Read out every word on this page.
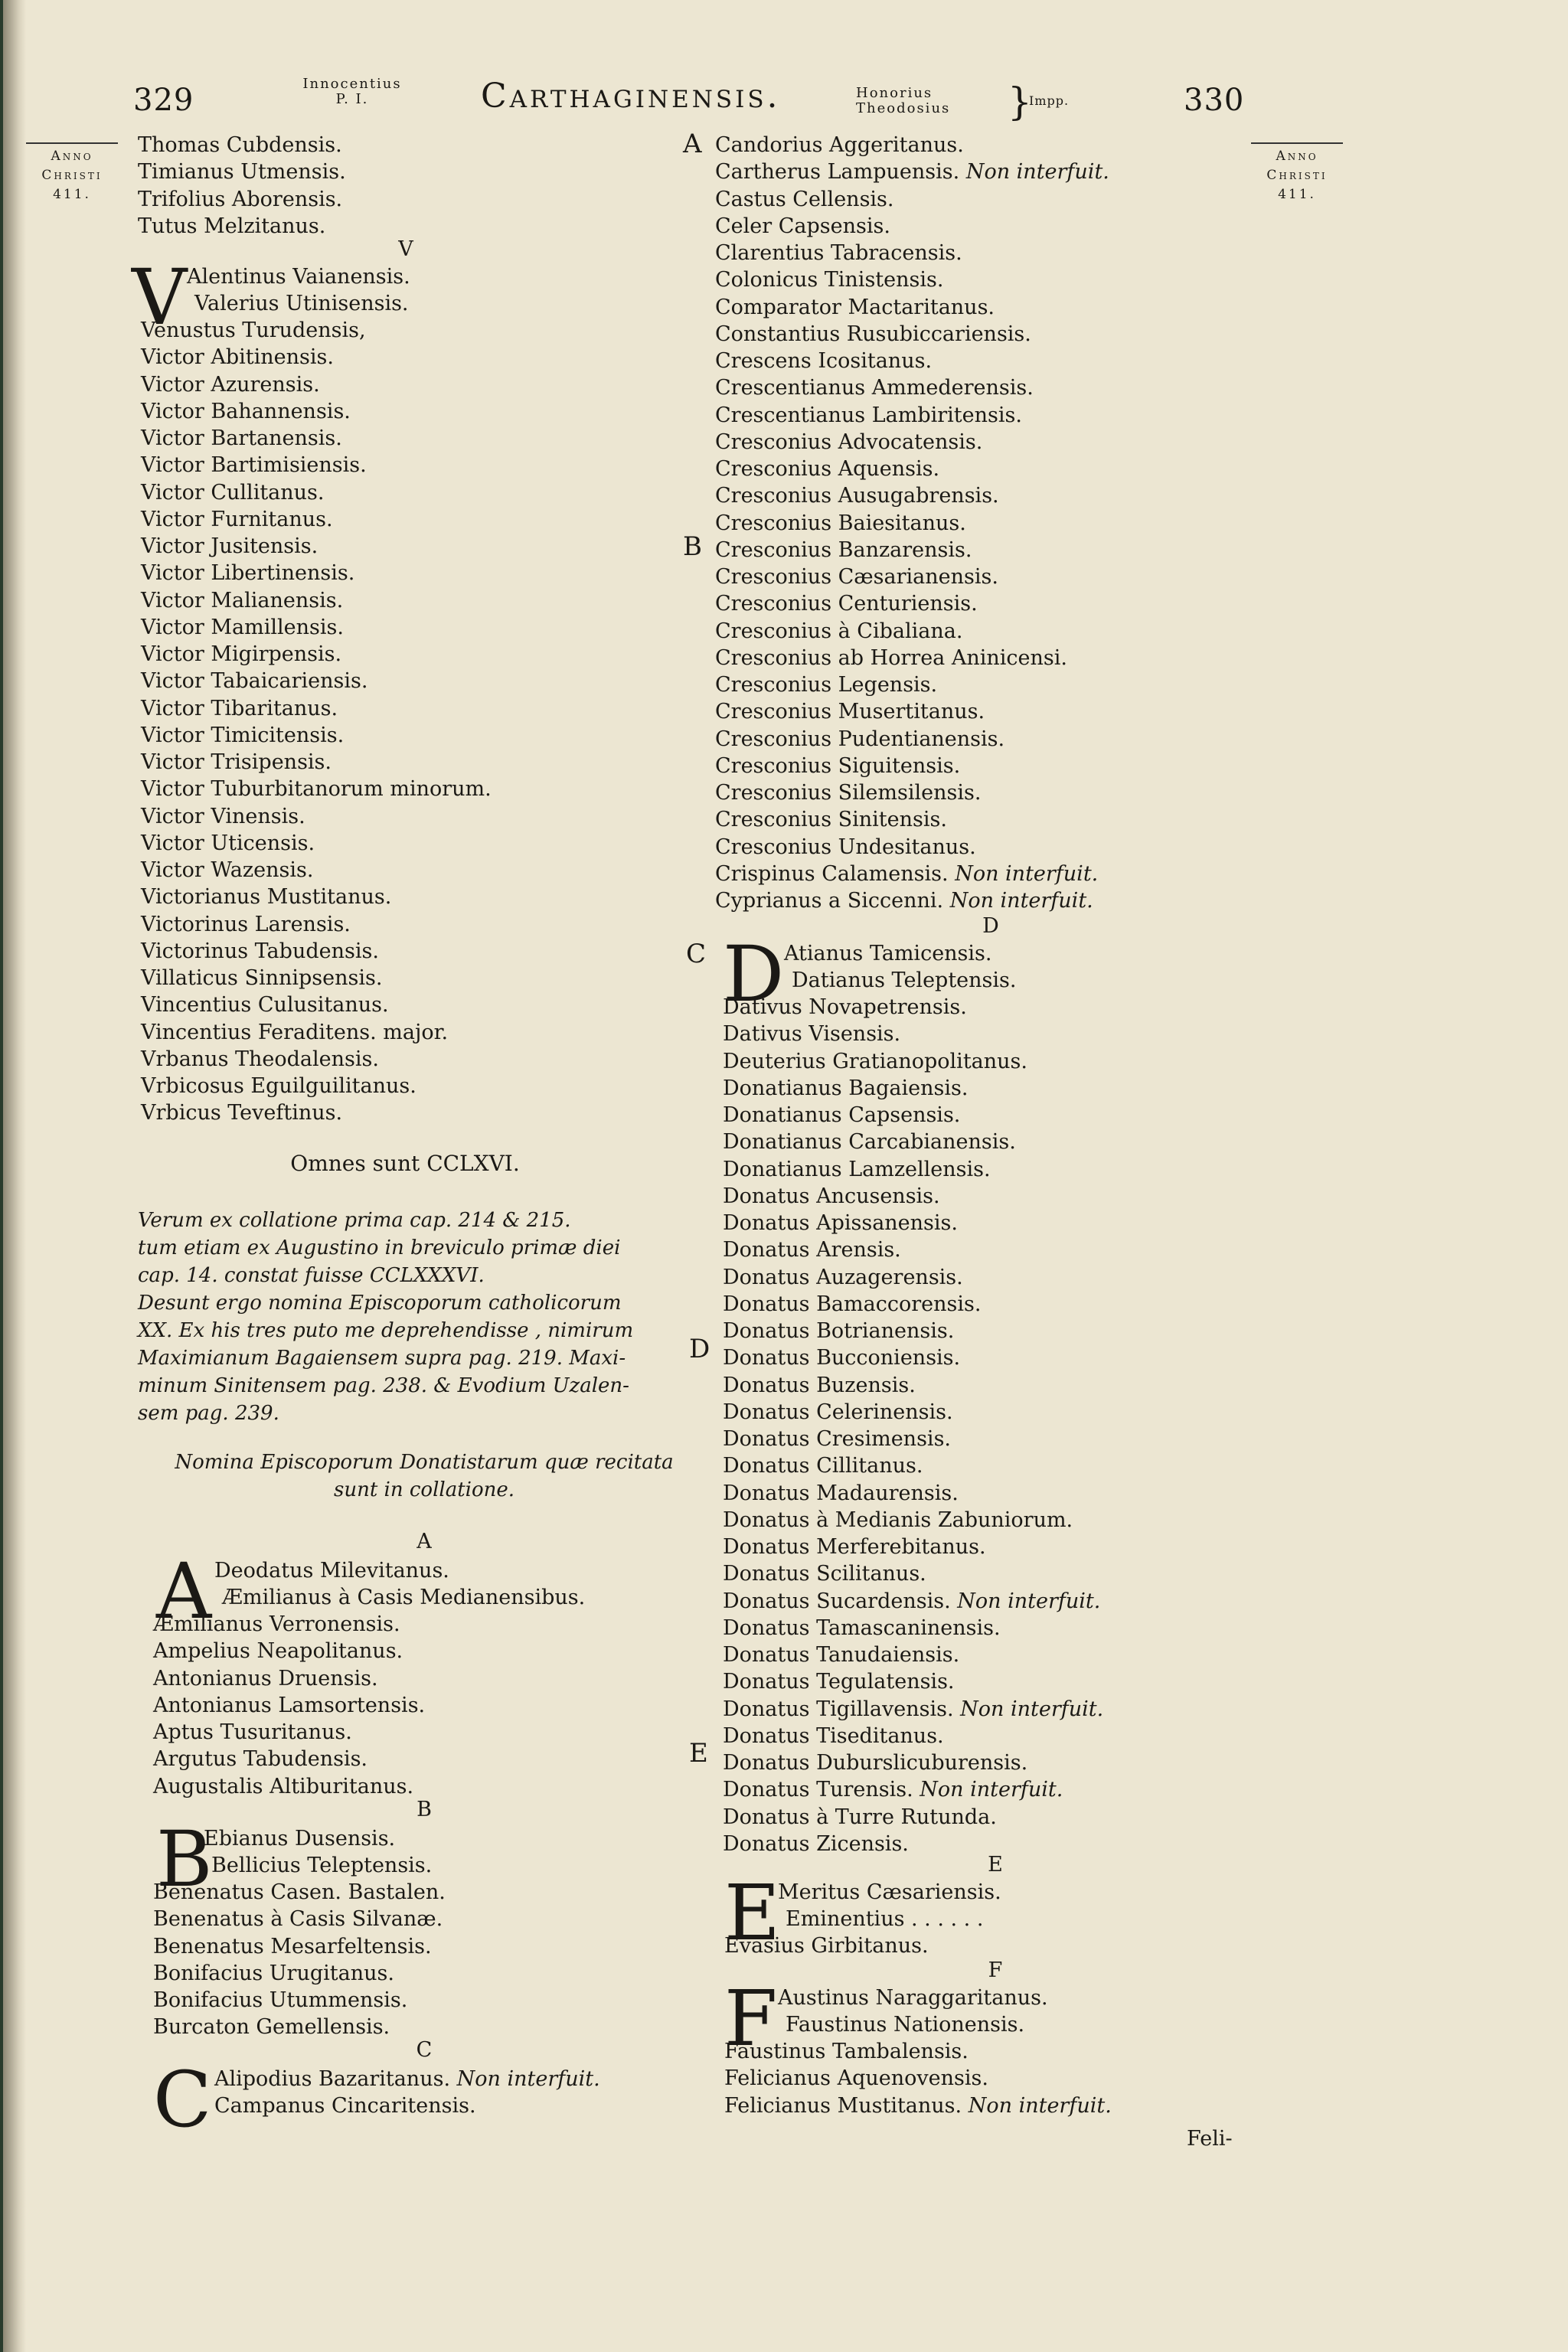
329	Innocentius
P. I.	Carthaginensis.	Honorius
Theodosius	}
Impp.	330
Anno
Christi
411.
Anno
Christi
411.
Thomas Cubdensis.
Timianus Utmensis.
Trifolius Aborensis.
Tutus Melzitanus.
V
V Alentinus Vaianensis.
Valerius Utinisensis.
Venustus Turudensis,
Victor Abitinensis.
Victor Azurensis.
Victor Bahannensis.
Victor Bartanensis.
Victor Bartimisiensis.
Victor Cullitanus.
Victor Furnitanus.
Victor Jusitensis.
Victor Libertinensis.
Victor Malianensis.
Victor Mamillensis.
Victor Migirpensis.
Victor Tabaicariensis.
Victor Tibaritanus.
Victor Timicitensis.
Victor Trisipensis.
Victor Tuburbitanorum minorum.
Victor Vinensis.
Victor Uticensis.
Victor Wazensis.
Victorianus Mustitanus.
Victorinus Larensis.
Victorinus Tabudensis.
Villaticus Sinnipsensis.
Vincentius Culusitanus.
Vincentius Feraditens. major.
Vrbanus Theodalensis.
Vrbicosus Eguilguilitanus.
Vrbicus Teveftinus.
Omnes sunt CCLXVI.
Verum ex collatione prima cap. 214 & 215.
tum etiam ex Augustino in breviculo primæ diei
cap. 14. constat fuisse CCLXXXVI.
Desunt ergo nomina Episcoporum catholicorum
XX. Ex his tres puto me deprehendisse , nimirum
Maximianum Bagaiensem supra pag. 219. Maxi-
minum Sinitensem pag. 238. & Evodium Uzalen-
sem pag. 239.
Nomina Episcoporum Donatistarum quæ recitata
sunt in collatione.
A
A Deodatus Milevitanus.
Æmilianus à Casis Medianensibus.
Æmilianus Verronensis.
Ampelius Neapolitanus.
Antonianus Druensis.
Antonianus Lamsortensis.
Aptus Tusuritanus.
Argutus Tabudensis.
Augustalis Altiburitanus.
B
B
Ebianus Dusensis.
Bellicius Teleptensis.
Benenatus Casen. Bastalen.
Benenatus à Casis Silvanæ.
Benenatus Mesarfeltensis.
Bonifacius Urugitanus.
Bonifacius Utummensis.
Burcaton Gemellensis.
C
C Alipodius Bazaritanus. Non interfuit.
Campanus Cincaritensis.
Candorius Aggeritanus.
Cartherus Lampuensis. Non interfuit.
Castus Cellensis.
Celer Capsensis.
Clarentius Tabracensis.
Colonicus Tinistensis.
Comparator Mactaritanus.
Constantius Rusubiccariensis.
Crescens Icositanus.
Crescentianus Ammederensis.
Crescentianus Lambiritensis.
Cresconius Advocatensis.
Cresconius Aquensis.
Cresconius Ausugabrensis.
Cresconius Baiesitanus.
Cresconius Banzarensis.
Cresconius Cæsarianensis.
Cresconius Centuriensis.
Cresconius à Cibaliana.
Cresconius ab Horrea Aninicensi.
Cresconius Legensis.
Cresconius Musertitanus.
Cresconius Pudentianensis.
Cresconius Siguitensis.
Cresconius Silemsilensis.
Cresconius Sinitensis.
Cresconius Undesitanus.
Crispinus Calamensis. Non interfuit.
Cyprianus a Siccenni. Non interfuit.
D
D Atianus Tamicensis.
Datianus Teleptensis.
Dativus Novapetrensis.
Dativus Visensis.
Deuterius Gratianopolitanus.
Donatianus Bagaiensis.
Donatianus Capsensis.
Donatianus Carcabianensis.
Donatianus Lamzellensis.
Donatus Ancusensis.
Donatus Apissanensis.
Donatus Arensis.
Donatus Auzagerensis.
Donatus Bamaccorensis.
Donatus Botrianensis.
Donatus Bucconiensis.
Donatus Buzensis.
Donatus Celerinensis.
Donatus Cresimensis.
Donatus Cillitanus.
Donatus Madaurensis.
Donatus à Medianis Zabuniorum.
Donatus Merferebitanus.
Donatus Scilitanus.
Donatus Sucardensis. Non interfuit.
Donatus Tamascaninensis.
Donatus Tanudaiensis.
Donatus Tegulatensis.
Donatus Tigillavensis. Non interfuit.
Donatus Tiseditanus.
Donatus Duburslicuburensis.
Donatus Turensis. Non interfuit.
Donatus à Turre Rutunda.
Donatus Zicensis.
E
E
Meritus Cæsariensis.
Eminentius . . . . . .
Evasius Girbitanus.
F
F Austinus Naraggaritanus.
Faustinus Nationensis.
Faustinus Tambalensis.
Felicianus Aquenovensis.
Felicianus Mustitanus. Non interfuit.
Feli-
A
B
C
D
E
